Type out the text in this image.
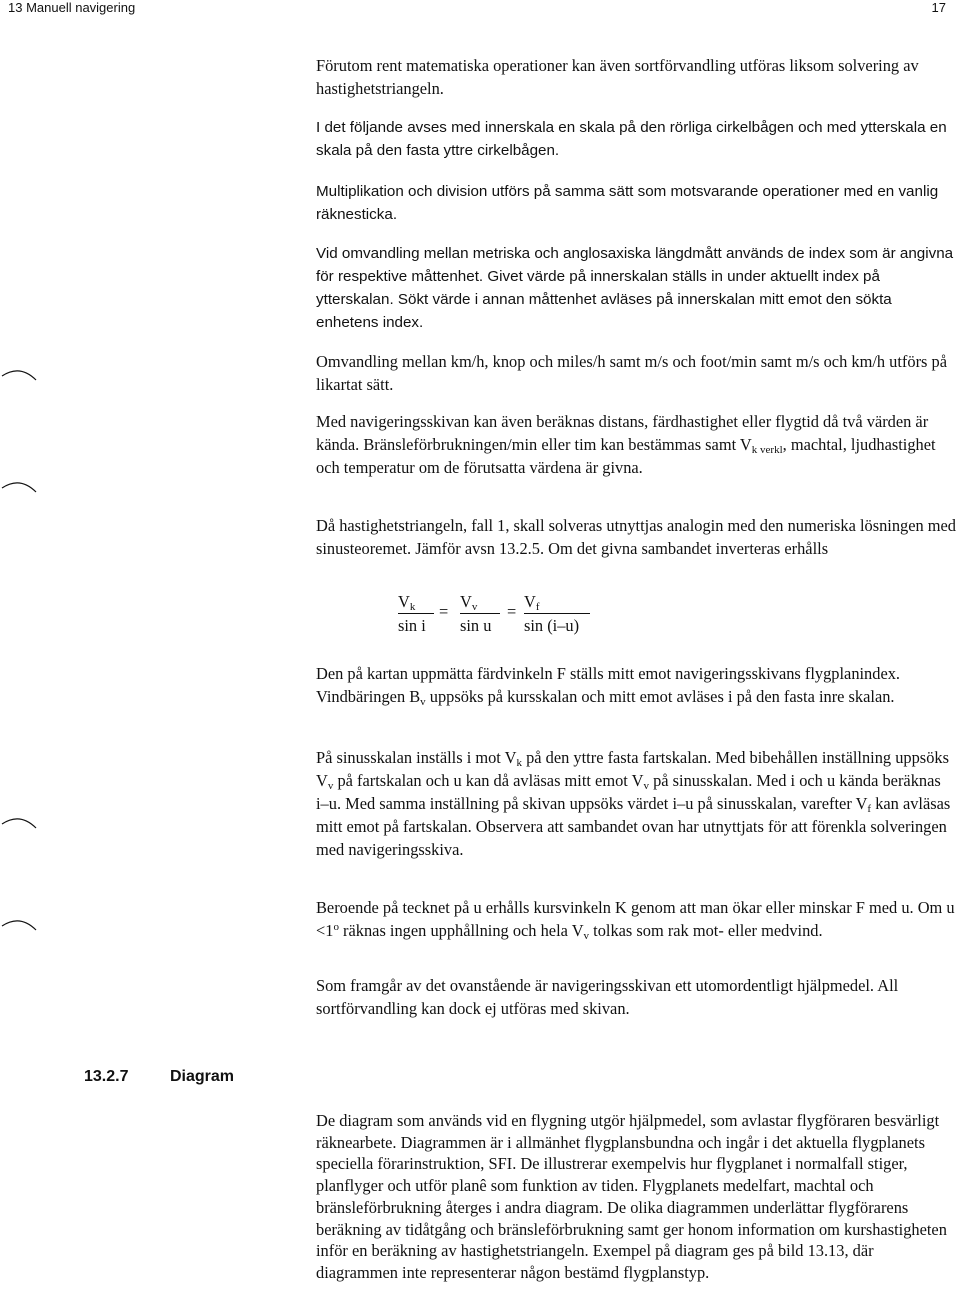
13 Manuell navigering	17

Förutom rent matematiska operationer kan även sortförvandling utföras liksom solvering av hastighetstriangeln.

I det följande avses med innerskala en skala på den rörliga cirkelbågen och med ytterskala en skala på den fasta yttre cirkelbågen.

Multiplikation och division utförs på samma sätt som motsvarande operationer med en vanlig räknesticka.

Vid omvandling mellan metriska och anglosaxiska längdmått används de index som är angivna för respektive måttenhet. Givet värde på innerskalan ställs in under aktuellt index på ytterskalan. Sökt värde i annan måttenhet avläses på innerskalan mitt emot den sökta enhetens index.

Omvandling mellan km/h, knop och miles/h samt m/s och foot/min samt m/s och km/h utförs på likartat sätt.

Med navigeringsskivan kan även beräknas distans, färdhastighet eller flygtid då två värden är kända. Bränsleförbrukningen/min eller tim kan bestämmas samt $V_{k verkl}$, machtal, ljudhastighet och temperatur om de förutsatta värdena är givna.

Då hastighetstriangeln, fall 1, skall solveras utnyttjas analogin med den numeriska lösningen med sinusteoremet. Jämför avsn 13.2.5. Om det givna sambandet inverteras erhålls

$\frac{V_k}{\text{sin i}} = \frac{V_v}{\text{sin u}} = \frac{V_f}{\sin (i-u)}$

Den på kartan uppmätta färdvinkeln F ställs mitt emot navigeringsskivans flygplanindex. Vindbäringen $B_v$ uppsöks på kursskalan och mitt emot avläses i på den fasta inre skalan.

På sinusskalan inställs i mot $V_k$ på den yttre fasta fartskalan. Med bibehållen inställning uppsöks $V_v$ på fartskalan och u kan då avläsas mitt emot $V_v$ på sinusskalan. Med i och u kända beräknas i–u. Med samma inställning på skivan uppsöks värdet i–u på sinusskalan, varefter $V_f$ kan avläsas mitt emot på fartskalan. Observera att sambandet ovan har utnyttjats för att förenkla solveringen med navigeringsskiva.

Beroende på tecknet på u erhålls kursvinkeln K genom att man ökar eller minskar F med u. Om $u <1^o$ räknas ingen upphållning och hela $V_v$ tolkas som rak mot- eller medvind.

Som framgår av det ovanstående är navigeringsskivan ett utomordentligt hjälpmedel. All sortförvandling kan dock ej utföras med skivan.

13.2.7	Diagram

De diagram som används vid en flygning utgör hjälpmedel, som avlastar flygföraren besvärligt räknearbete. Diagrammen är i allmänhet flygplansbundna och ingår i det aktuella flygplanets speciella förarinstruktion, SFI. De illustrerar exempelvis hur flygplanet i normalfall stiger, planflyger och utför planê som funktion av tiden. Flygplanets medelfart, machtal och bränsleförbrukning återges i andra diagram. De olika diagrammen underlättar flygförarens beräkning av tidåtgång och bränsleförbrukning samt ger honom information om kurshastigheten inför en beräkning av hastighetstriangeln. Exempel på diagram ges på bild 13.13, där diagrammen inte representerar någon bestämd flygplanstyp.
